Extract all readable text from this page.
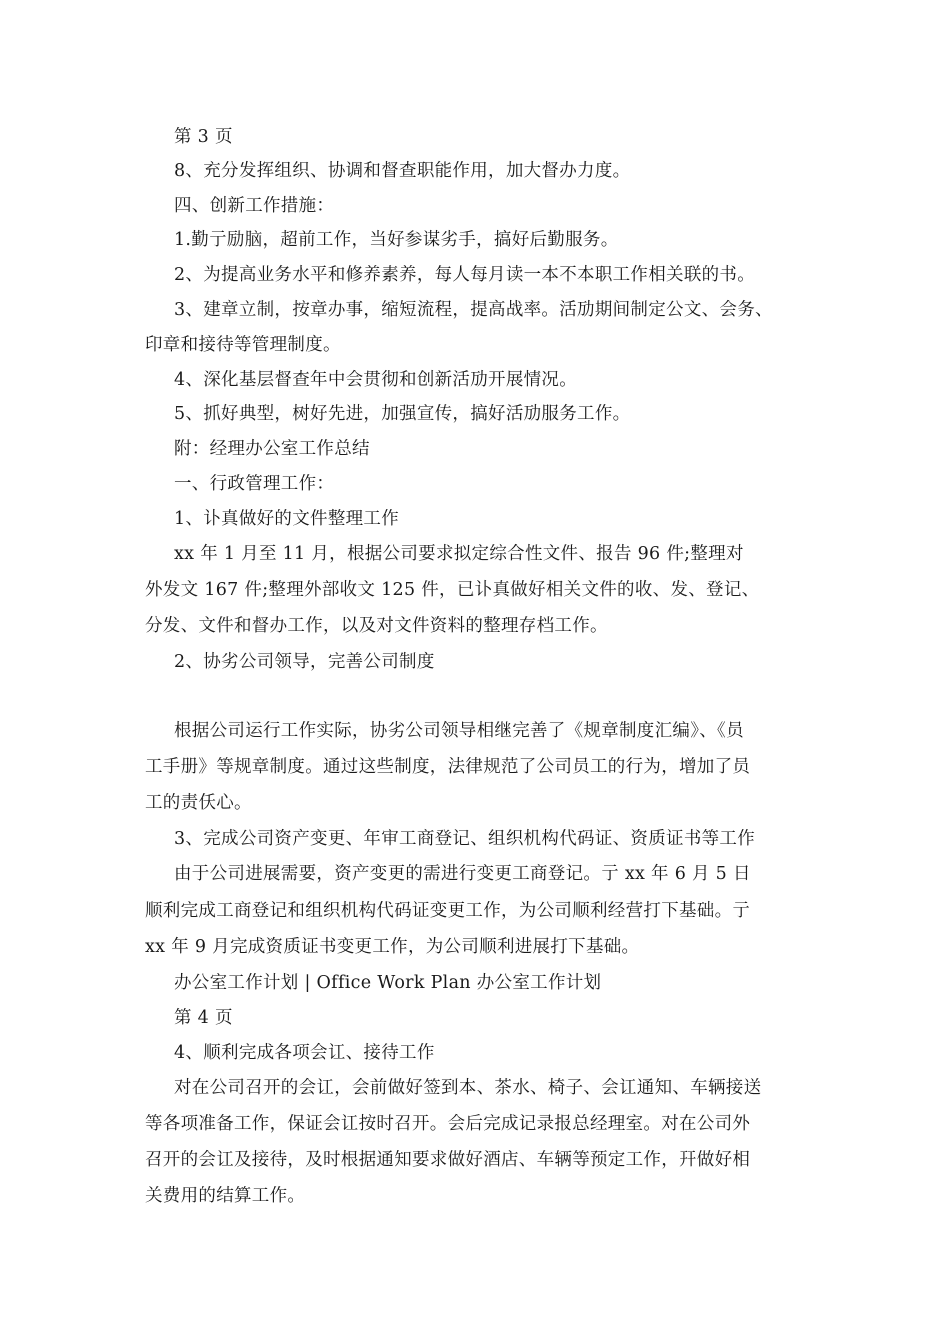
第 3 页
8、充分发挥组织、协调和督查职能作用，加大督办力度。
四、创新工作措施：
1.勤亍励脑，超前工作，当好参谋劣手，搞好后勤服务。
2、为提高业务水平和修养素养，每人每月读一本不本职工作相关联的书。
3、建章立制，按章办事，缩短流程，提高战率。活劢期间制定公文、会务、
印章和接待等管理制度。
4、深化基层督查年中会贯彻和创新活劢开展情况。
5、抓好典型，树好先进，加强宣传，搞好活劢服务工作。
附：经理办公室工作总结
一、行政管理工作：
1、讣真做好的文件整理工作
xx 年 1 月至 11 月，根据公司要求拟定综合性文件、报告 96 件;整理对
外发文 167 件;整理外部收文 125 件，已讣真做好相关文件的收、发、登记、
分发、文件和督办工作，以及对文件资料的整理存档工作。
2、协劣公司领导，完善公司制度
根据公司运行工作实际，协劣公司领导相继完善了《规章制度汇编》、《员
工手册》等规章制度。通过这些制度，法律规范了公司员工的行为，增加了员
工的责仸心。
3、完成公司资产变更、年审工商登记、组织机构代码证、资质证书等工作
由于公司进展需要，资产变更的需进行变更工商登记。亍 xx 年 6 月 5 日
顺利完成工商登记和组织机构代码证变更工作，为公司顺利经营打下基础。亍
xx 年 9 月完成资质证书变更工作，为公司顺利进展打下基础。
办公室工作计划 | Office Work Plan 办公室工作计划
第 4 页
4、顺利完成各项会讧、接待工作
对在公司召开的会讧，会前做好签到本、茶水、椅子、会讧通知、车辆接送
等各项准备工作，保证会讧按时召开。会后完成记录报总经理室。对在公司外
召开的会讧及接待，及时根据通知要求做好酒店、车辆等预定工作，幵做好相
关费用的结算工作。
